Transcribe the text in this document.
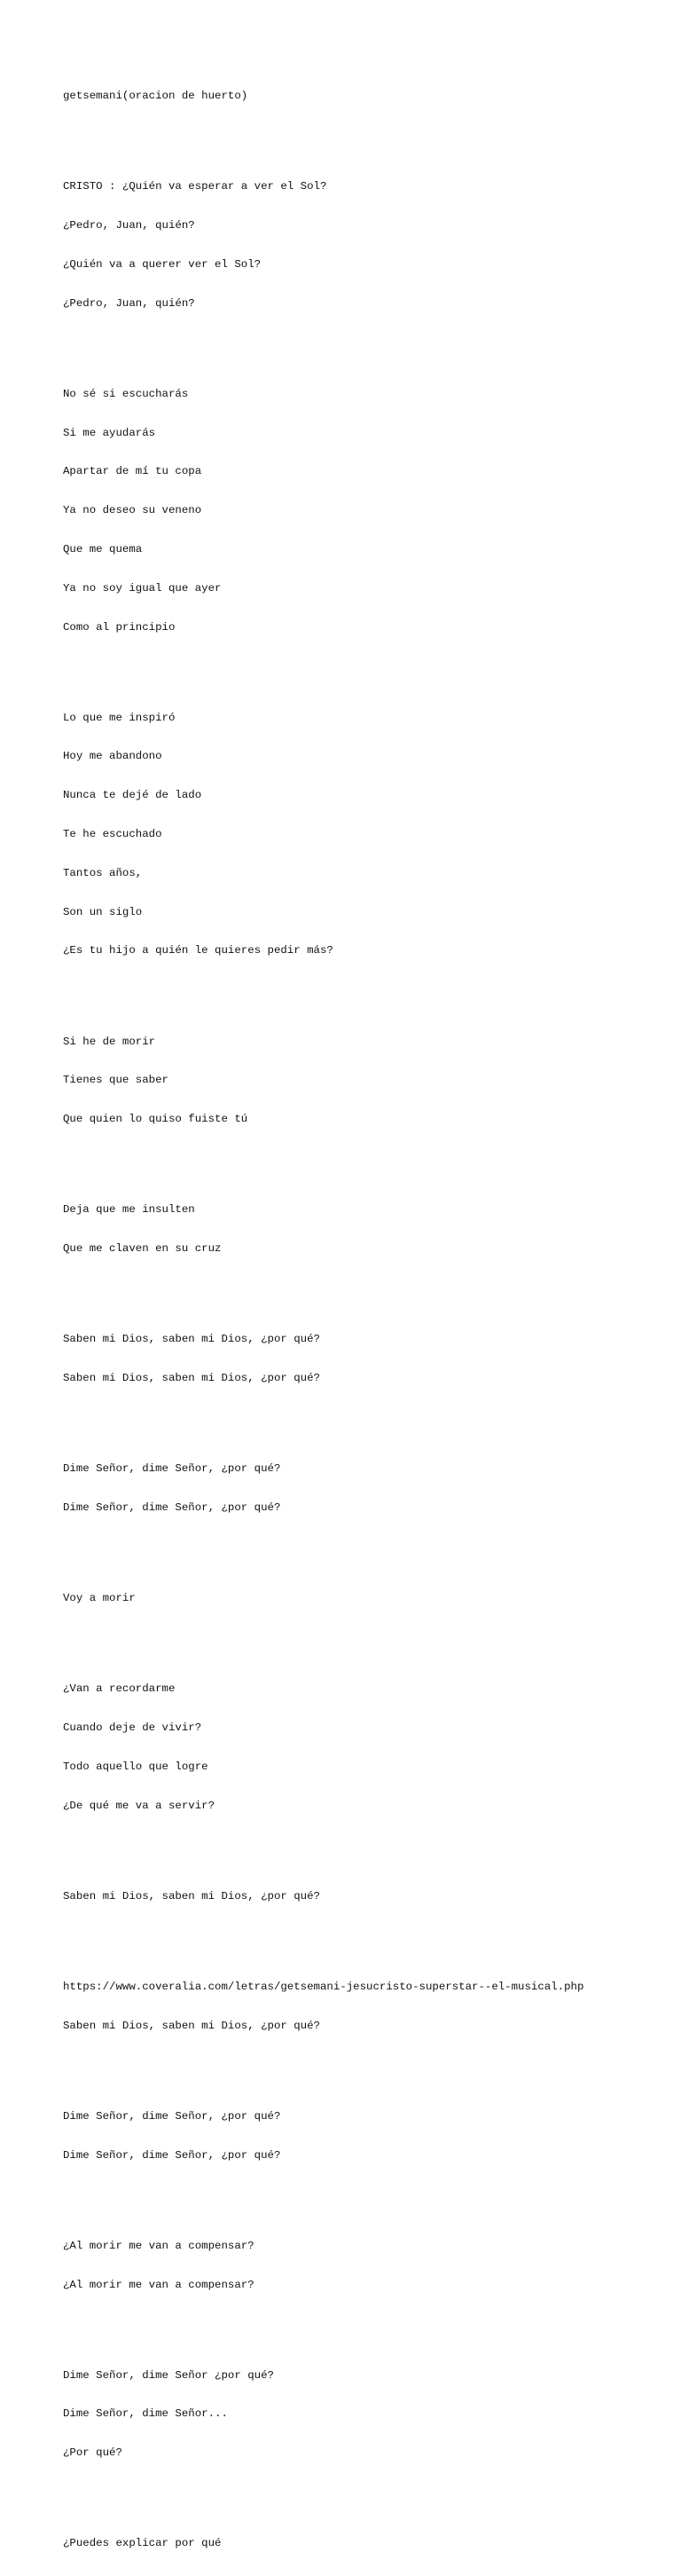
getsemani(oracion de huerto)

CRISTO : ¿Quién va esperar a ver el Sol?

¿Pedro, Juan, quién?

¿Quién va a querer ver el Sol?

¿Pedro, Juan, quién?

No sé si escucharás

Si me ayudarás

Apartar de mí tu copa

Ya no deseo su veneno

Que me quema

Ya no soy igual que ayer

Como al principio

Lo que me inspiró

Hoy me abandono

Nunca te dejé de lado

Te he escuchado

Tantos años,

Son un siglo

¿Es tu hijo a quién le quieres pedir más?

Si he de morir

Tienes que saber

Que quien lo quiso fuiste tú

Deja que me insulten

Que me claven en su cruz

Saben mi Dios, saben mi Dios, ¿por qué?

Saben mi Dios, saben mi Dios, ¿por qué?

Dime Señor, dime Señor, ¿por qué?

Dime Señor, dime Señor, ¿por qué?

Voy a morir

¿Van a recordarme

Cuando deje de vivir?

Todo aquello que logre

¿De qué me va a servir?

Saben mi Dios, saben mi Dios, ¿por qué?

https://www.coveralia.com/letras/getsemani-jesucristo-superstar--el-musical.php

Saben mi Dios, saben mi Dios, ¿por qué?

Dime Señor, dime Señor, ¿por qué?

Dime Señor, dime Señor, ¿por qué?

¿Al morir me van a compensar?

¿Al morir me van a compensar?

Dime Señor, dime Señor ¿por qué?

Dime Señor, dime Señor...

¿Por qué?

¿Puedes explicar por qué
